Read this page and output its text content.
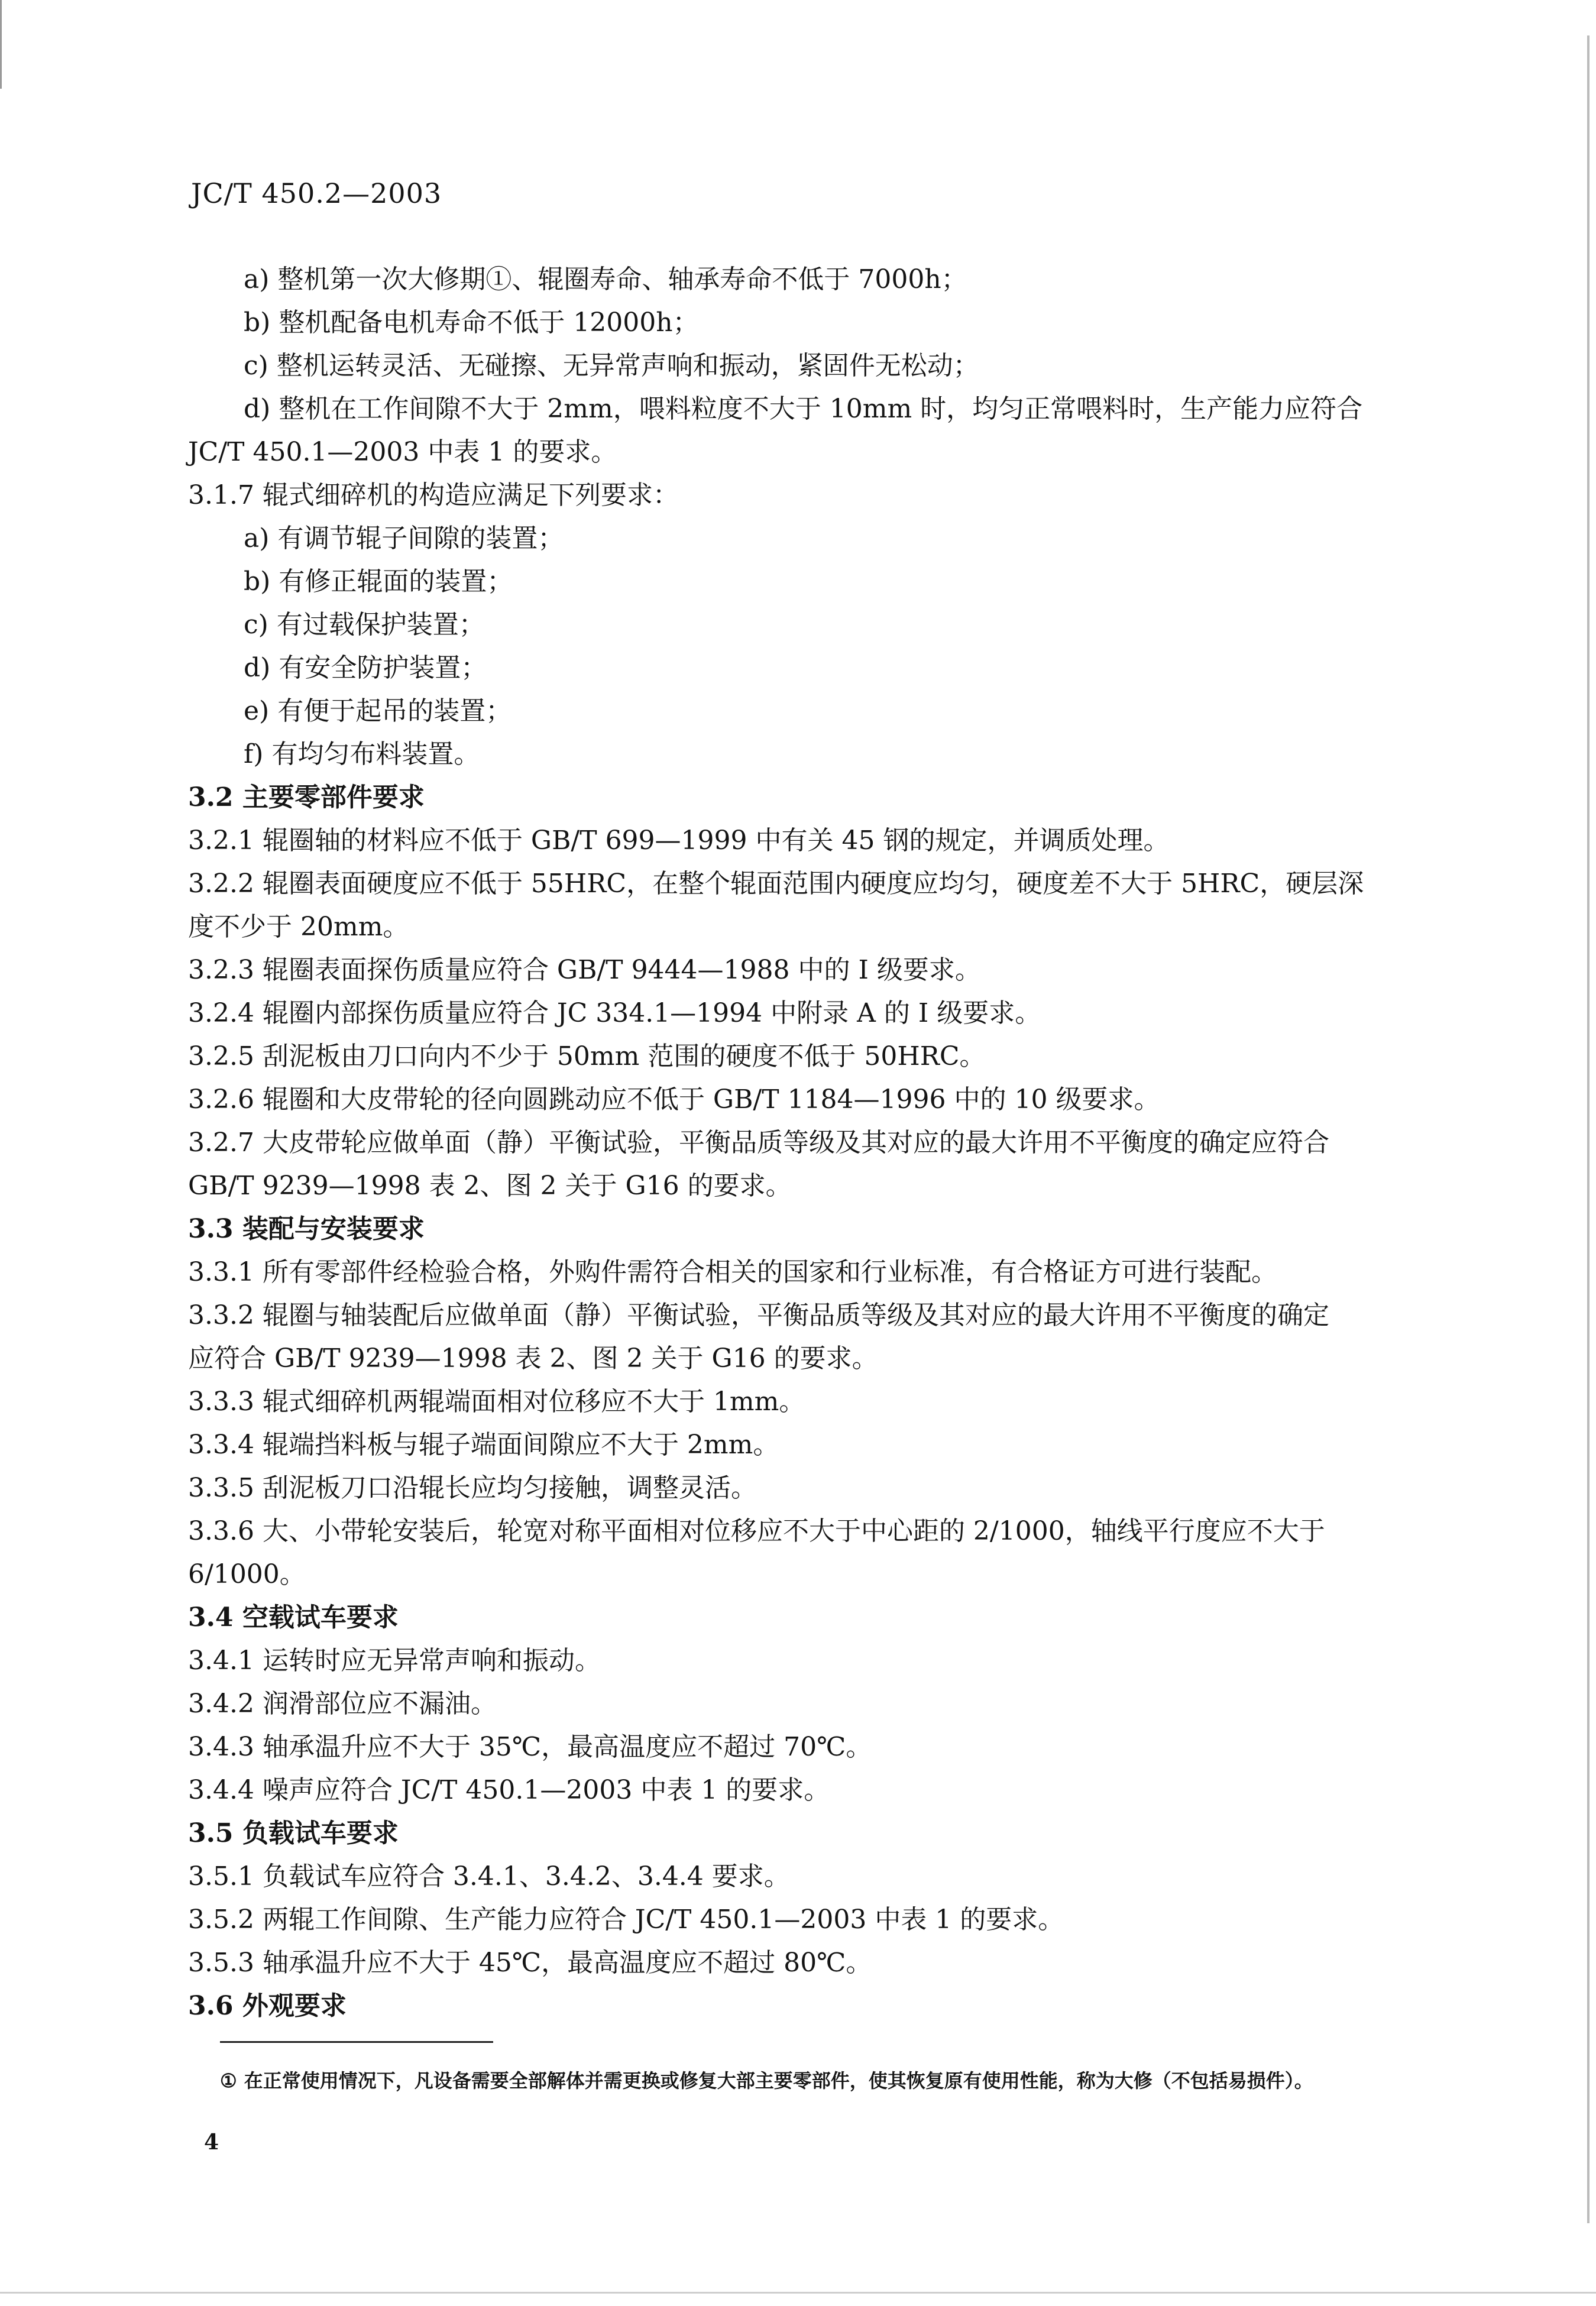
JC/T 450.2—2003
a) 整机第一次大修期①、辊圈寿命、轴承寿命不低于 7000h；
b) 整机配备电机寿命不低于 12000h；
c) 整机运转灵活、无碰擦、无异常声响和振动，紧固件无松动；
d) 整机在工作间隙不大于 2mm，喂料粒度不大于 10mm 时，均匀正常喂料时，生产能力应符合
JC/T 450.1—2003 中表 1 的要求。
3.1.7 辊式细碎机的构造应满足下列要求：
a) 有调节辊子间隙的装置；
b) 有修正辊面的装置；
c) 有过载保护装置；
d) 有安全防护装置；
e) 有便于起吊的装置；
f) 有均匀布料装置。
3.2 主要零部件要求
3.2.1 辊圈轴的材料应不低于 GB/T 699—1999 中有关 45 钢的规定，并调质处理。
3.2.2 辊圈表面硬度应不低于 55HRC，在整个辊面范围内硬度应均匀，硬度差不大于 5HRC，硬层深
度不少于 20mm。
3.2.3 辊圈表面探伤质量应符合 GB/T 9444—1988 中的 I 级要求。
3.2.4 辊圈内部探伤质量应符合 JC 334.1—1994 中附录 A 的 I 级要求。
3.2.5 刮泥板由刀口向内不少于 50mm 范围的硬度不低于 50HRC。
3.2.6 辊圈和大皮带轮的径向圆跳动应不低于 GB/T 1184—1996 中的 10 级要求。
3.2.7 大皮带轮应做单面（静）平衡试验，平衡品质等级及其对应的最大许用不平衡度的确定应符合
GB/T 9239—1998 表 2、图 2 关于 G16 的要求。
3.3 装配与安装要求
3.3.1 所有零部件经检验合格，外购件需符合相关的国家和行业标准，有合格证方可进行装配。
3.3.2 辊圈与轴装配后应做单面（静）平衡试验，平衡品质等级及其对应的最大许用不平衡度的确定
应符合 GB/T 9239—1998 表 2、图 2 关于 G16 的要求。
3.3.3 辊式细碎机两辊端面相对位移应不大于 1mm。
3.3.4 辊端挡料板与辊子端面间隙应不大于 2mm。
3.3.5 刮泥板刀口沿辊长应均匀接触，调整灵活。
3.3.6 大、小带轮安装后，轮宽对称平面相对位移应不大于中心距的 2/1000，轴线平行度应不大于
6/1000。
3.4 空载试车要求
3.4.1 运转时应无异常声响和振动。
3.4.2 润滑部位应不漏油。
3.4.3 轴承温升应不大于 35℃，最高温度应不超过 70℃。
3.4.4 噪声应符合 JC/T 450.1—2003 中表 1 的要求。
3.5 负载试车要求
3.5.1 负载试车应符合 3.4.1、3.4.2、3.4.4 要求。
3.5.2 两辊工作间隙、生产能力应符合 JC/T 450.1—2003 中表 1 的要求。
3.5.3 轴承温升应不大于 45℃，最高温度应不超过 80℃。
3.6 外观要求
① 在正常使用情况下，凡设备需要全部解体并需更换或修复大部主要零部件，使其恢复原有使用性能，称为大修（不包括易损件）。
4
